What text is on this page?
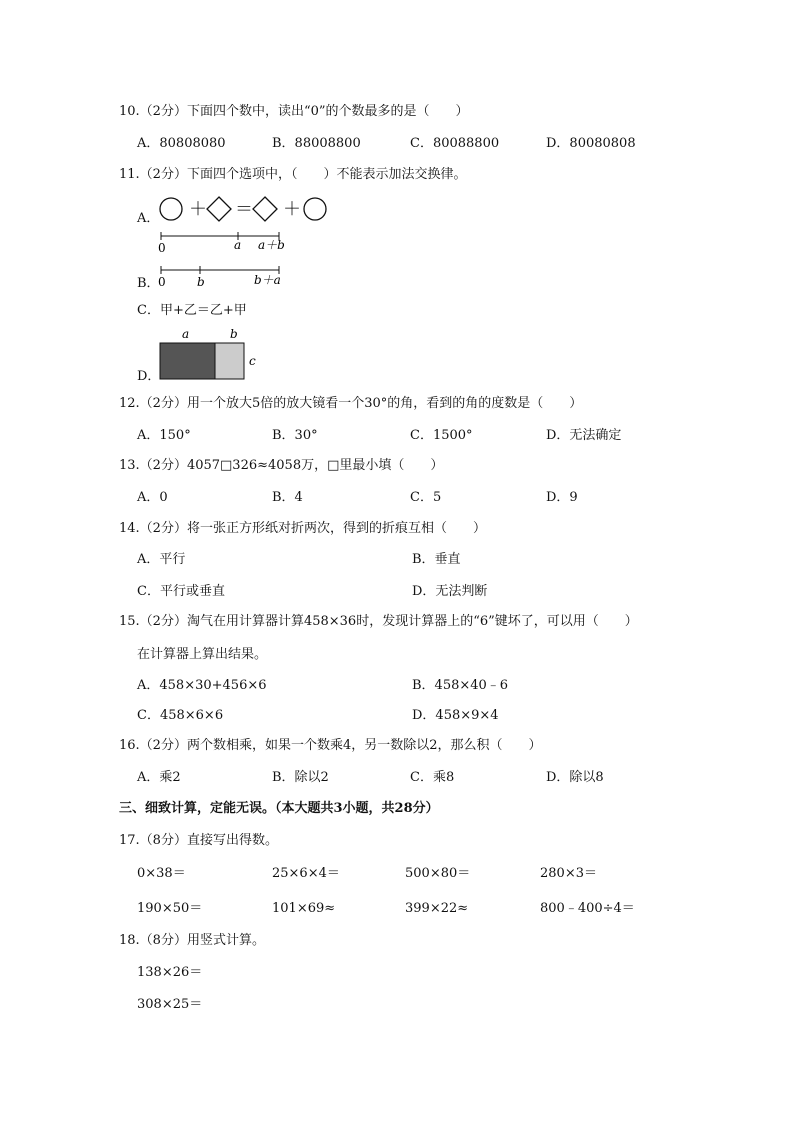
10.（2分）下面四个数中，读出“0”的个数最多的是（　　）
A．80808080	B．88008800	C．80088800	D．80080808
11.（2分）下面四个选项中，（　　）不能表示加法交换律。
A． ＋ ＝ ＋
0	a a＋b
B．
0	b	b＋a
C．甲+乙＝乙+甲
D．
a	b
c
12.（2分）用一个放大5倍的放大镜看一个30°的角，看到的角的度数是（　　）
A．150°	B．30°	C．1500°	D．无法确定
13.（2分）4057□326≈4058万，□里最小填（　　）
A．0	B．4	C．5	D．9
14.（2分）将一张正方形纸对折两次，得到的折痕互相（　　）
A．平行	B．垂直
C．平行或垂直	D．无法判断
15.（2分）淘气在用计算器计算458×36时，发现计算器上的“6”键坏了，可以用（　　）
在计算器上算出结果。
A．458×30+456×6	B．458×40﹣6
C．458×6×6	D．458×9×4
16.（2分）两个数相乘，如果一个数乘4，另一数除以2，那么积（　　）
A．乘2	B．除以2	C．乘8	D．除以8
三、细致计算，定能无误。（本大题共3小题，共28分）
17.（8分）直接写出得数。
0×38＝	25×6×4＝	500×80＝	280×3＝
190×50＝	101×69≈	399×22≈	800﹣400÷4＝
18.（8分）用竖式计算。
138×26＝
308×25＝
